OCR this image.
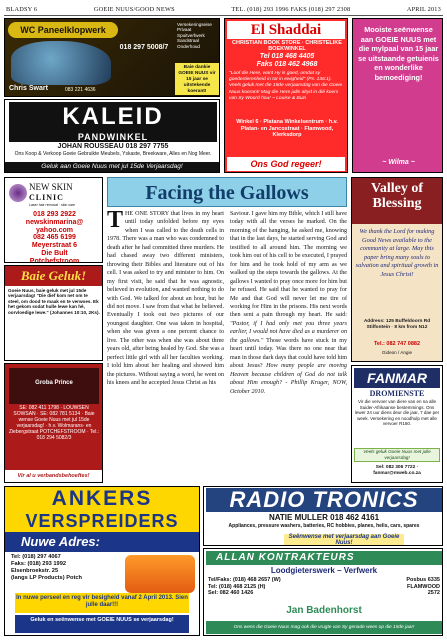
BLADSY 6	GOEIE NUUS/GOOD NEWS	TEL. (018) 293 1996 FAKS (018) 297 2308	APRIL 2013
WC Paneelklopwerk
018 297 5008/7
Versekeringseise
Privaat
Spuitverfwerk
Sandstraal
Onderhoud
Baie dankie GOEIE NUUS vir 15 jaar se uitstekende koerant!
Chris Swart	083 221 4636
KALEID
PANDWINKEL
JOHAN ROUSSEAU 018 297 7755
Ons Koop & Verkoop Goeie Gebruikte Meubels, Yskaste, Breekware, Alles en Nog Meer.
Geluk aan Goeie Nuus met jul 15de Verjaarsdag!
El Shaddai
CHRISTIAN BOOK STORE · CHRISTELIKE BOEKWINKEL
Tel 018 468 4405
Faks 018 462 4968
"Loof die Here, want Hy is goed, omdat sy goedertierenheid in tot in ewigheid" (Ps. 136:1). Veels geluk met die 15de verjaarsdag van die Goeie Nuus koerant! Mag die Here julle altyd in dié koers van Sy Woord hou! ~ Louise & Buzi
Winkel 6 · Platana Winkelsentrum · h.v. Platan- en Jancostraat · Flamwood, Klerksdorp
Ons God regeer!
Mooiste seënwense aan GOEIE NUUS met die mylpaal van 15 jaar se uitstaande getuienis en wonderlike bemoediging!
~ Wilma ~
NEW SKIN
CLINIC
Laser hair removal · skin care
018 293 2922
newskinmarina@
yahoo.com
082 465 6199
Meyerstraat 6
Die Bult
Potchefstroom
Baie Geluk!
Goeie Nuus, baie geluk met jul 15de verjaarsdag! "Die dief kom net om te steel, om dood te maak en te verwoes. Ek het gekom sodat hulle lewe kan hê, oorvloedige lewe." (Johannes 10:10, 2Ks).
Groba Prince
SE: 082 411 1798 · LOUWSEN SOWSAN · SE: 082 781 5134 · Baie wense Goeie Nuus met jul 15de verjaarsdag! · h.v. Wolmarans- en Ziebergstraat POTCHEFSTROOM · Tel.: 018 294 5082/3
Vir al u verbandsbehoeftes!
Facing the Gallows
THE ONE STORY that lives in my heart until today unfolded before my eyes when I was called to the death cells in 1978. There was a man who was condemned to death after he had committed three murders. He had chased away two different ministers, throwing their Bibles and literature out of his cell. I was asked to try and minister to him. On my first visit, he said that he was agnostic, believed in evolution, and wanted nothing to do with God. We talked for about an hour, but he did not move. I saw from that what he believed. Eventually I took out two pictures of our youngest daughter. One was taken in hospital, when she was given a one percent chance to live. The other was when she was about three years old, after being healed by God. She was a perfect little girl with all her faculties working. I told him about her healing and showed him the pictures. Without saying a word, he went on his knees and he accepted Jesus Christ as his
Saviour. I gave him my Bible, which I still have today with all the verses he marked. On the morning of the hanging, he asked me, knowing that in the last days, he started serving God and testified to all around him. The morning we took him out of his cell to be executed, I prayed for him and he took hold of my arm as we walked up the steps towards the gallows. At the gallows I wanted to pray once more for him but he refused. He said that he wanted to pray for Me and that God will never let me tire of working for Him in the prisons. His next words then sent a pain through my heart. He said: "Pastor, if I had only met you three years earlier, I would not have died as a murderer on the gallows." Those words have stuck in my heart until today. Was there no one near that man in those dark days that could have told him about Jesus? How many people are moving Heaven because children of God do not talk about Him enough? - Phillip Kruger, NOW, October 2010.
Valley of Blessing
We thank the Lord for making Good News available to the community at large. May this paper bring many souls to salvation and spiritual growth in Jesus Christ!
Address: 125 Buffeldoorn Rd Stilfontein · 8 km from N12
Tel.: 082 747 0882
Gideon / Angie
FANMAR
DROMIENSTE
Vir die vervoer van diere van en na alle Suider-Afrikaanse bestemmings. Ons lewer 24 uur diens deur die jaar, 7 dae per week. Versekering en noodhulp met alle vervoer R160.
Veels geluk Goeie Nuus met julle verjaarsdag!
Sel: 082 306 7722 · fanmar@mweb.co.za
ANKERS
VERSPREIDERS
Nuwe Adres:
Tel: (018) 297 4067
Faks: (018) 293 1992
Elsenbroekstr. 25
(langs LP Products) Potch
In nuwe perseel en reg vir besigheid vanaf 2 April 2013. Sien julle daar!!!
Geluk en seënwense met GOEIE NUUS se verjaarsdag!
RADIO TRONICS
NATIE MULLER 018 462 4161
Appliances, pressure washers, batteries, RC hobbies, planes, helis, cars, spares
Seënwense met verjaarsdag aan Goeie Nuus!
ALLAN KONTRAKTEURS
Loodgieterswerk – Verfwerk
Tel/Faks: (018) 468 2657 (W)
Tel: (018) 468 2125 (H)
Sel: 082 460 1426
Posbus 6335
FLAMWOOD
2572
Jan Badenhorst
Ons wens die Goeie Nuus mag ook die vrugte van Sy genade wees op die 15de jaar!
